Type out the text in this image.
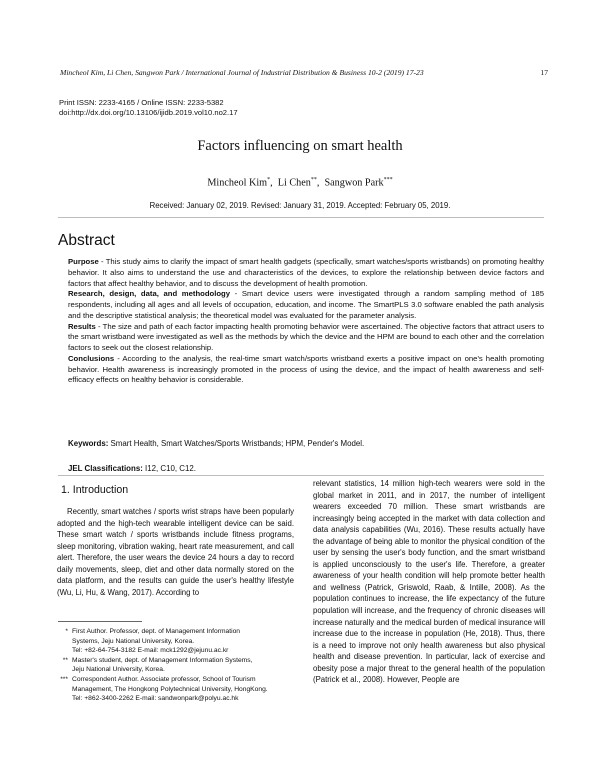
Mincheol Kim, Li Chen, Sangwon Park / International Journal of Industrial Distribution & Business 10-2 (2019) 17-23	17
Print ISSN: 2233-4165 / Online ISSN: 2233-5382
doi:http://dx.doi.org/10.13106/ijidb.2019.vol10.no2.17
Factors influencing on smart health
Mincheol Kim*,  Li Chen**,  Sangwon Park***
Received: January 02, 2019. Revised: January 31, 2019. Accepted: February 05, 2019.
Abstract

Purpose - This study aims to clarify the impact of smart health gadgets (specfically, smart watches/sports wristbands) on promoting healthy behavior. It also aims to understand the use and characteristics of the devices, to explore the relationship between device factors and factors that affect healthy behavior, and to discuss the development of health promotion.

Research, design, data, and methodology - Smart device users were investigated through a random sampling method of 185 respondents, including all ages and all levels of occupation, education, and income. The SmartPLS 3.0 software enabled the path analysis and the descriptive statistical analysis; the theoretical model was evaluated for the parameter analysis.

Results - The size and path of each factor impacting health promoting behavior were ascertained. The objective factors that attract users to the smart wristband were investigated as well as the methods by which the device and the HPM are bound to each other and the correlation factors to seek out the closest relationship.

Conclusions - According to the analysis, the real-time smart watch/sports wristband exerts a positive impact on one's health promoting behavior. Health awareness is increasingly promoted in the process of using the device, and the impact of health awareness and self-efficacy effects on healthy behavior is considerable.

Keywords: Smart Health, Smart Watches/Sports Wristbands; HPM, Pender's Model.
JEL Classifications: I12, C10, C12.
1. Introduction
Recently, smart watches / sports wrist straps have been popularly adopted and the high-tech wearable intelligent device can be said. These smart watch / sports wristbands include fitness programs, sleep monitoring, vibration waking, heart rate measurement, and call alert. Therefore, the user wears the device 24 hours a day to record daily movements, sleep, diet and other data normally stored on the data platform, and the results can guide the user's healthy lifestyle (Wu, Li, Hu, & Wang, 2017). According to
relevant statistics, 14 million high-tech wearers were sold in the global market in 2011, and in 2017, the number of intelligent wearers exceeded 70 million. These smart wristbands are increasingly being accepted in the market with data collection and data analysis capabilities (Wu, 2016). These results actually have the advantage of being able to monitor the physical condition of the user by sensing the user's body function, and the smart wristband is applied unconsciously to the user's life. Therefore, a greater awareness of your health condition will help promote better health and wellness (Patrick, Griswold, Raab, & Intille, 2008). As the population continues to increase, the life expectancy of the future population will increase, and the frequency of chronic diseases will increase naturally and the medical burden of medical insurance will increase due to the increase in population (He, 2018). Thus, there is a need to improve not only health awareness but also physical health and disease prevention. In particular, lack of exercise and obesity pose a major threat to the general health of the population (Patrick et al., 2008). However, People are
* First Author. Professor, dept. of Management Information
Systems, Jeju National University, Korea.
Tel: +82-64-754-3182 E-mail: mck1292@jejunu.ac.kr
** Master's student, dept. of Management Information Systems,
Jeju National University, Korea.
*** Correspondent Author. Associate professor, School of Tourism
Management, The Hongkong Polytechnical University, HongKong.
Tel: +862-3400-2262 E-mail: sandwonpark@polyu.ac.hk
